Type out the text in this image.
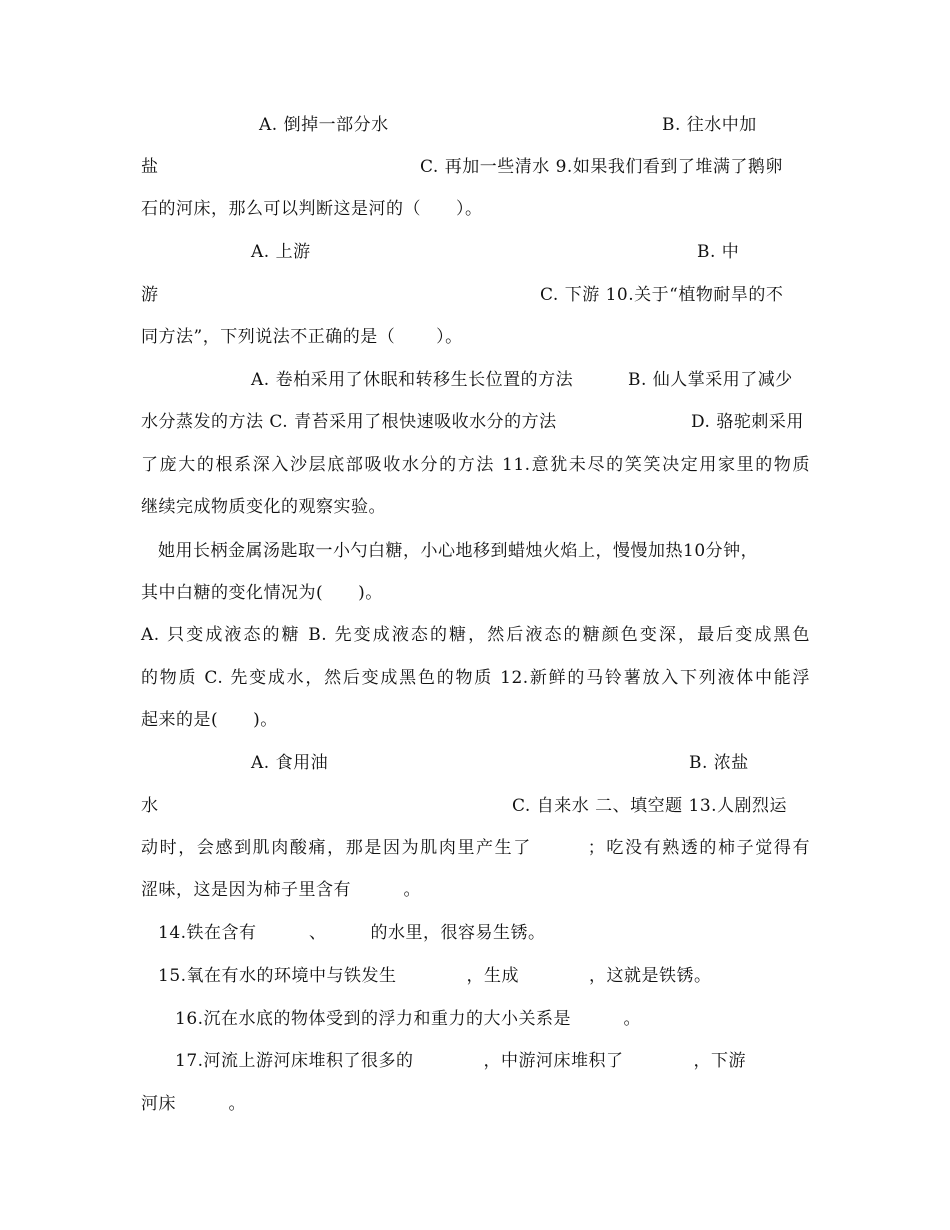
A. 倒掉一部分水	B. 往水中加
盐	C. 再加一些清水 9.如果我们看到了堆满了鹅卵
石的河床，那么可以判断这是河的（　　）。
A. 上游	B. 中
游	C. 下游 10.关于“植物耐旱的不
同方法”，下列说法不正确的是（　　 ）。
A. 卷柏采用了休眠和转移生长位置的方法	B. 仙人掌采用了减少
水分蒸发的方法 C. 青苔采用了根快速吸收水分的方法	D. 骆驼刺采用
了庞大的根系深入沙层底部吸收水分的方法 11.意犹未尽的笑笑决定用家里的物质
继续完成物质变化的观察实验。
她用长柄金属汤匙取一小勺白糖，小心地移到蜡烛火焰上，慢慢加热10分钟，
其中白糖的变化情况为(　　)。
A. 只变成液态的糖 B. 先变成液态的糖，然后液态的糖颜色变深，最后变成黑色
的物质 C. 先变成水，然后变成黑色的物质 12.新鲜的马铃薯放入下列液体中能浮
起来的是(　　)。
A. 食用油	B. 浓盐
水	C. 自来水 二、填空题 13.人剧烈运
动时，会感到肌肉酸痛，那是因为肌肉里产生了　　　；吃没有熟透的柿子觉得有
涩味，这是因为柿子里含有　　　。
14.铁在含有　　　、　　　的水里，很容易生锈。
15.氧在有水的环境中与铁发生　　　　，生成　　　　，这就是铁锈。
16.沉在水底的物体受到的浮力和重力的大小关系是　　　。
17.河流上游河床堆积了很多的　　　　，中游河床堆积了　　　　，下游
河床　　　。
